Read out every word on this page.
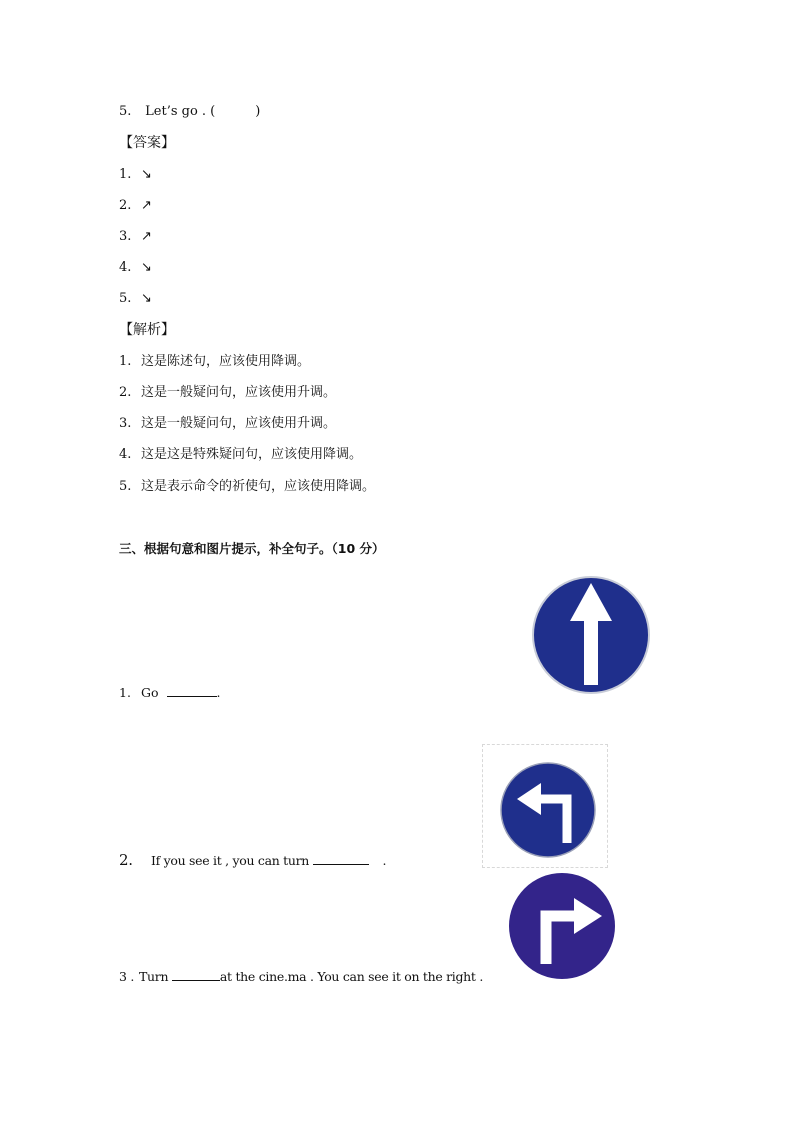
5. Let’s go . (	)
【答案】
1. ↘
2. ↗
3. ↗
4. ↘
5. ↘
【解析】
1. 这是陈述句，应该使用降调。
2. 这是一般疑问句，应该使用升调。
3. 这是一般疑问句，应该使用升调。
4. 这是这是特殊疑问句，应该使用降调。
5. 这是表示命令的祈使句，应该使用降调。
三、根据句意和图片提示，补全句子。（10 分）
1. Go	.
2. If you see it , you can turn	.
3 . Turn	at the cine.ma . You can see it on the right .
